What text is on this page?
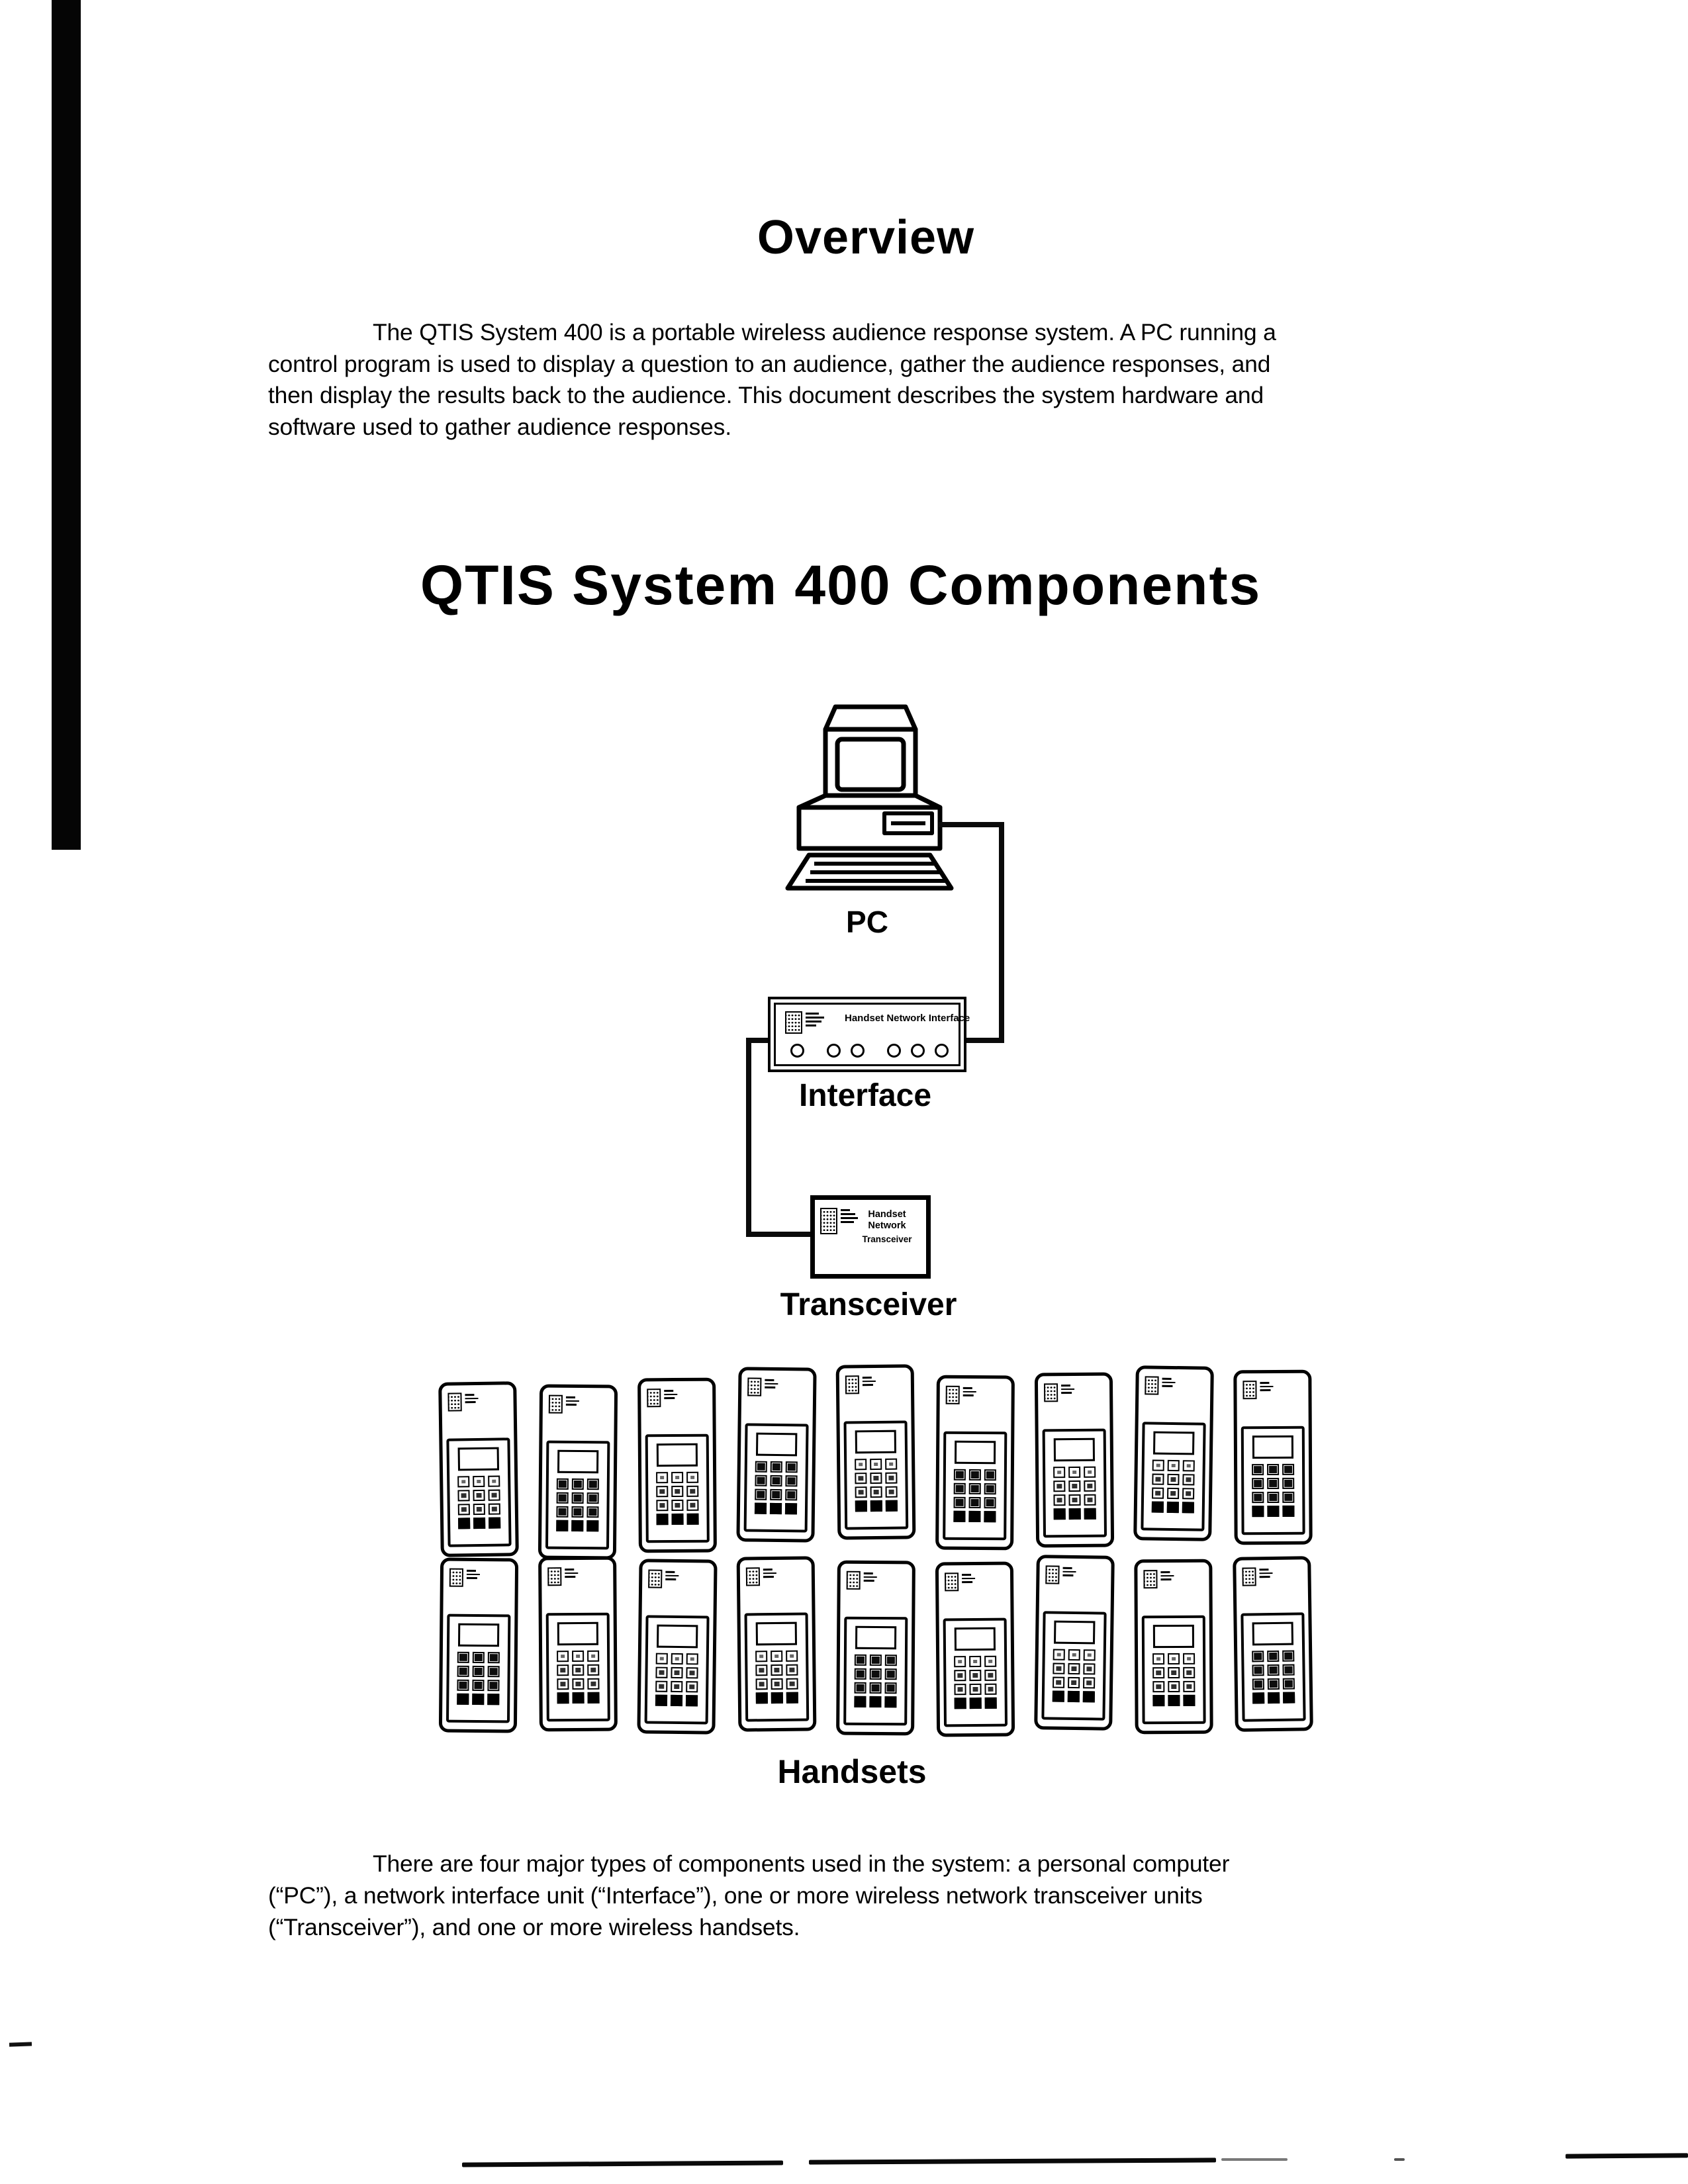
Overview
The QTIS System 400 is a portable wireless audience response system. A PC running a
control program is used to display a question to an audience, gather the audience responses, and
then display the results back to the audience. This document describes the system hardware and
software used to gather audience responses.
QTIS System 400 Components
PC
Handset Network Interface
Interface
Handset Network
Transceiver
Transceiver
Handsets
There are four major types of components used in the system: a personal computer
(“PC”), a network interface unit (“Interface”), one or more wireless network transceiver units
(“Transceiver”), and one or more wireless handsets.
